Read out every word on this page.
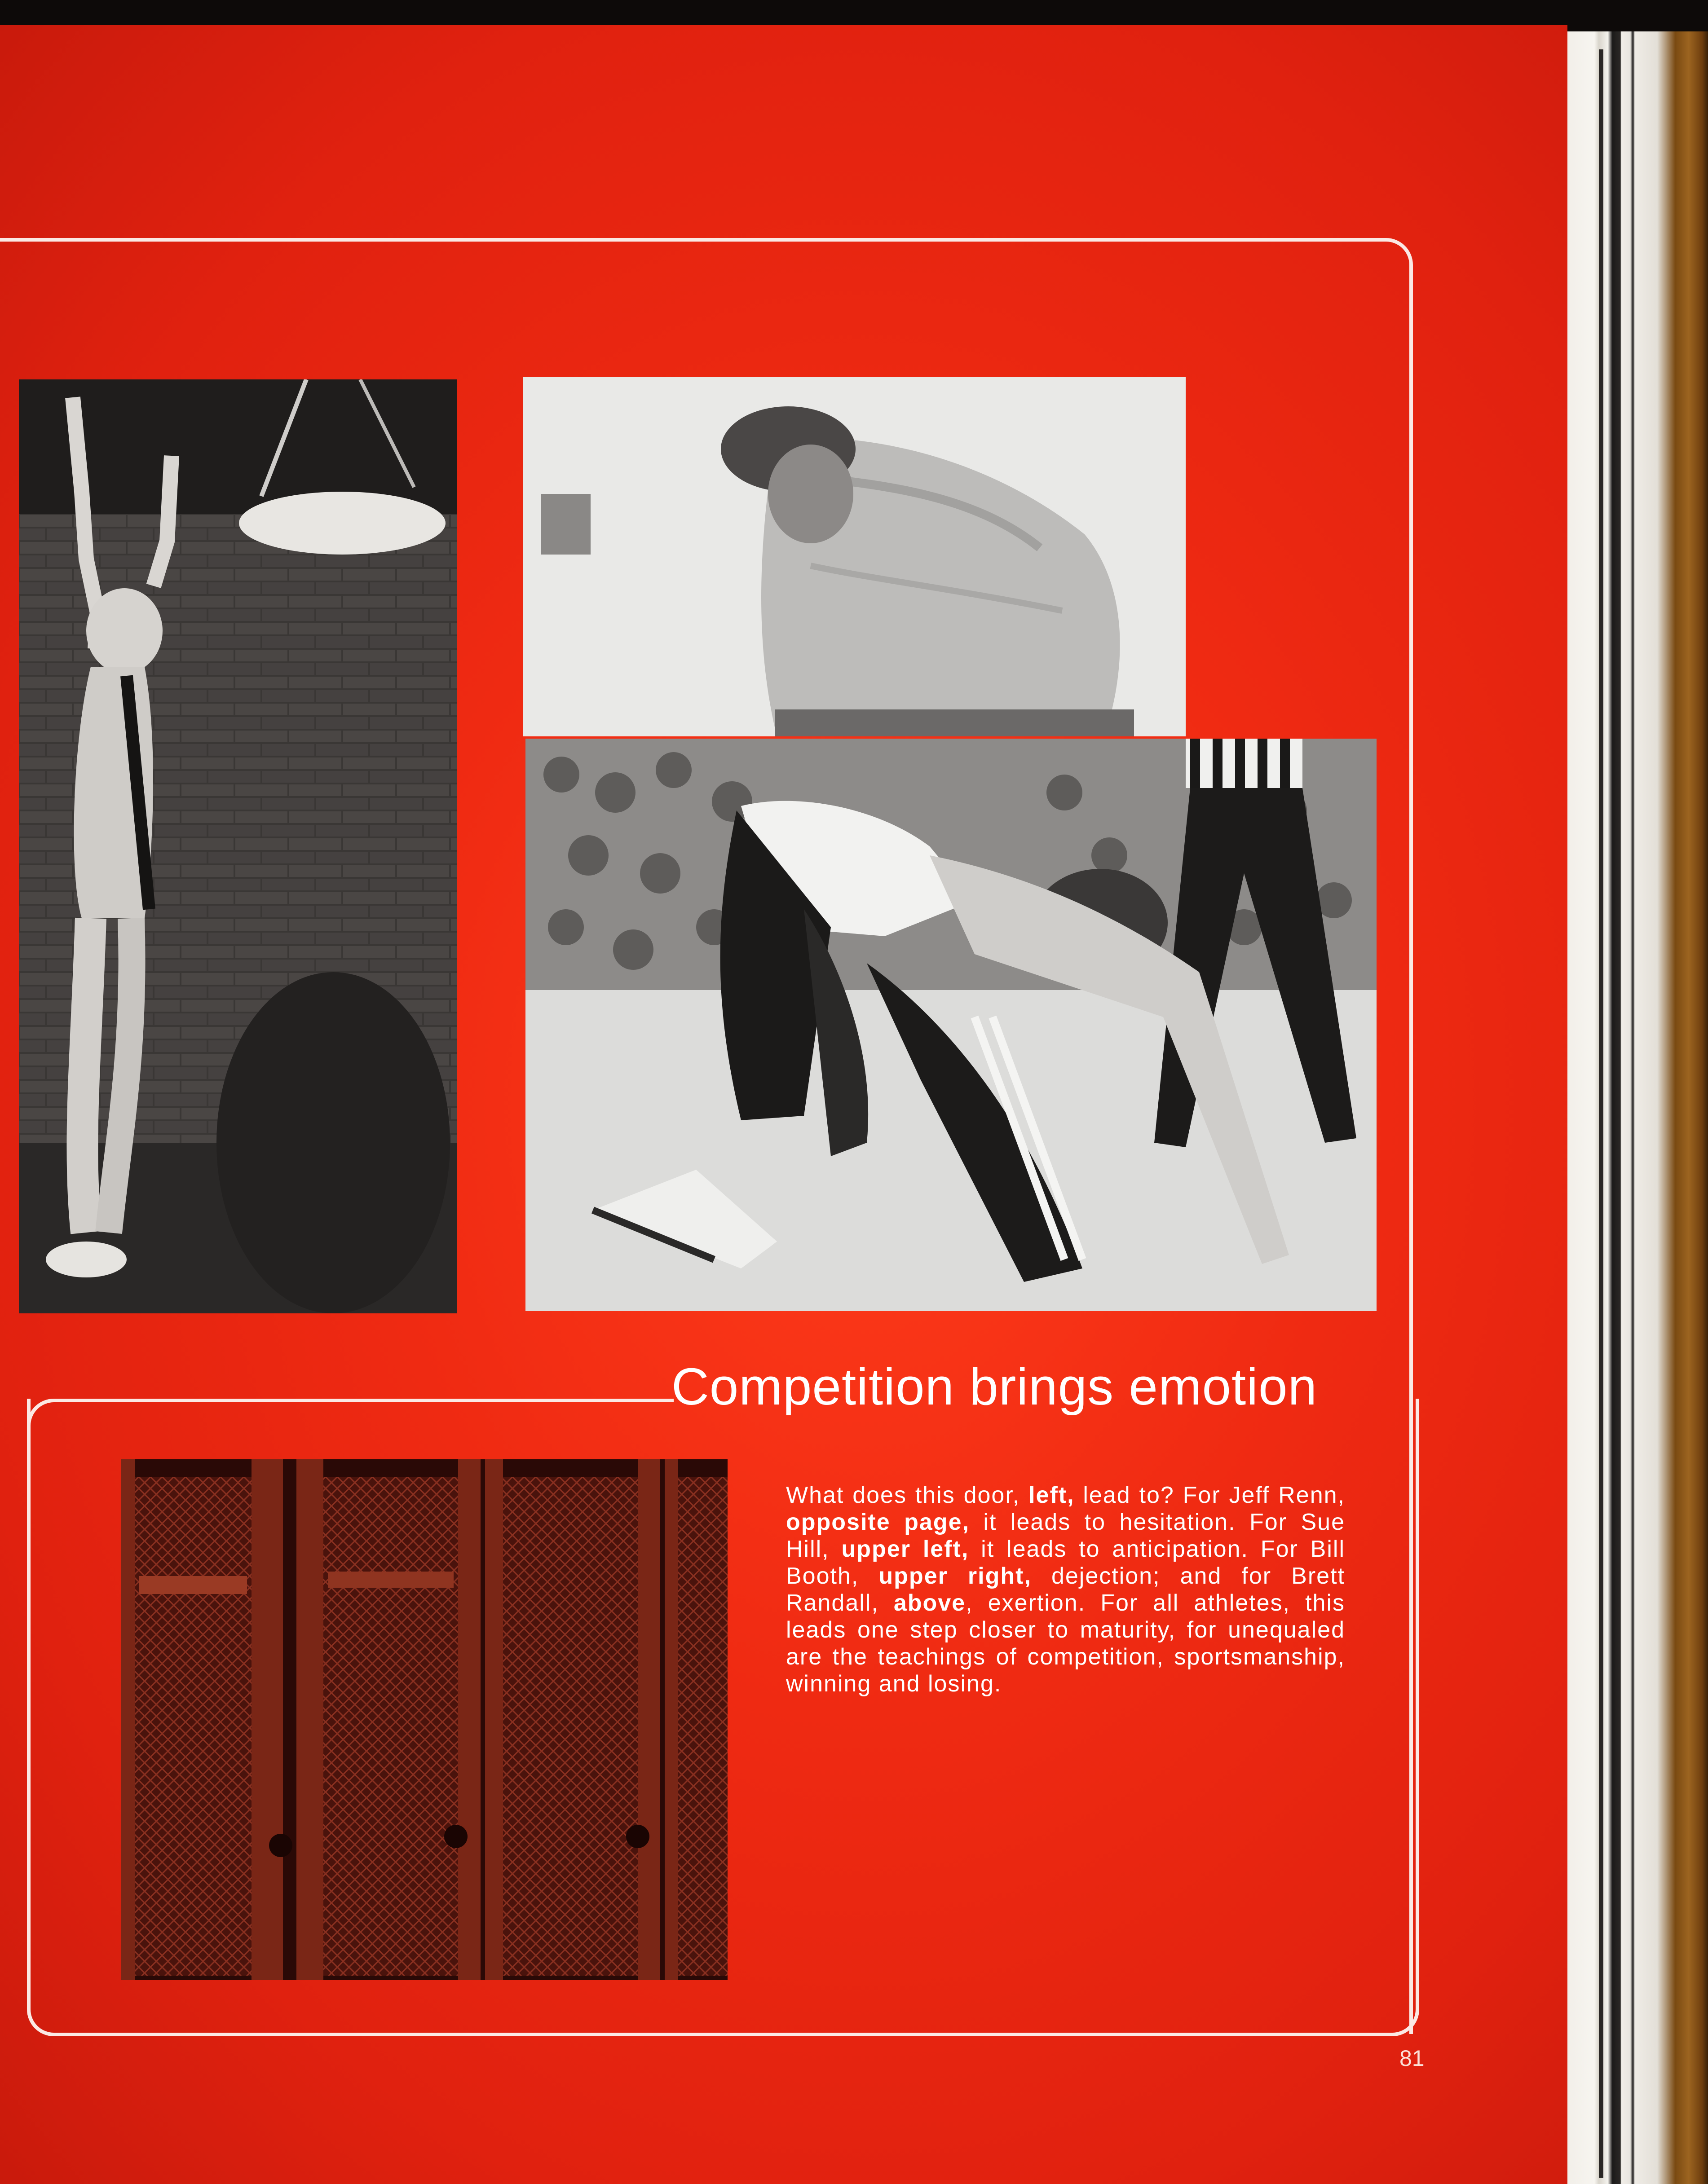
Competition brings emotion
What does this door, left, lead to? For Jeff Renn, opposite page, it leads to hesitation. For Sue Hill, upper left, it leads to anticipation. For Bill Booth, upper right, dejection; and for Brett Randall, above, exertion. For all athletes, this leads one step closer to maturity, for unequaled are the teachings of competition, sportsmanship, winning and losing.
81
